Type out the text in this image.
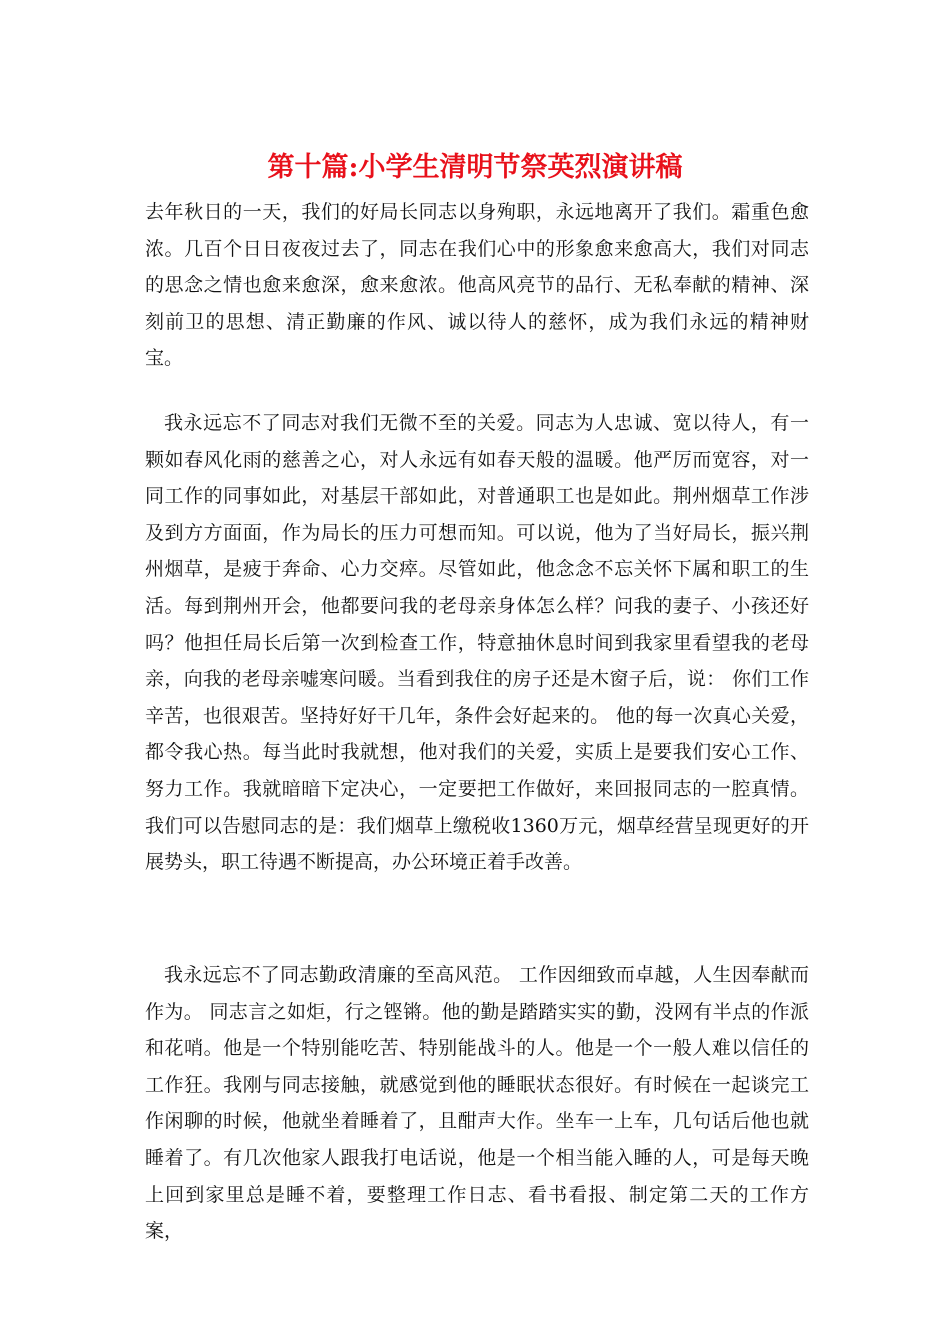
第十篇:小学生清明节祭英烈演讲稿

去年秋日的一天，我们的好局长同志以身殉职，永远地离开了我们。霜重色愈浓。几百个日日夜夜过去了，同志在我们心中的形象愈来愈高大，我们对同志的思念之情也愈来愈深，愈来愈浓。他高风亮节的品行、无私奉献的精神、深刻前卫的思想、清正勤廉的作风、诚以待人的慈怀，成为我们永远的精神财宝。

我永远忘不了同志对我们无微不至的关爱。同志为人忠诚、宽以待人，有一颗如春风化雨的慈善之心，对人永远有如春天般的温暖。他严厉而宽容，对一同工作的同事如此，对基层干部如此，对普通职工也是如此。荆州烟草工作涉及到方方面面，作为局长的压力可想而知。可以说，他为了当好局长，振兴荆州烟草，是疲于奔命、心力交瘁。尽管如此，他念念不忘关怀下属和职工的生活。每到荆州开会，他都要问我的老母亲身体怎么样？问我的妻子、小孩还好吗？他担任局长后第一次到检查工作，特意抽休息时间到我家里看望我的老母亲，向我的老母亲嘘寒问暖。当看到我住的房子还是木窗子后，说： 你们工作辛苦，也很艰苦。坚持好好干几年，条件会好起来的。 他的每一次真心关爱，都令我心热。每当此时我就想，他对我们的关爱，实质上是要我们安心工作、努力工作。我就暗暗下定决心，一定要把工作做好，来回报同志的一腔真情。我们可以告慰同志的是：我们烟草上缴税收1360万元，烟草经营呈现更好的开展势头，职工待遇不断提高，办公环境正着手改善。

我永远忘不了同志勤政清廉的至高风范。 工作因细致而卓越，人生因奉献而作为。 同志言之如炬，行之铿锵。他的勤是踏踏实实的勤，没网有半点的作派和花哨。他是一个特别能吃苦、特别能战斗的人。他是一个一般人难以信任的工作狂。我刚与同志接触，就感觉到他的睡眠状态很好。有时候在一起谈完工作闲聊的时候，他就坐着睡着了，且酣声大作。坐车一上车，几句话后他也就睡着了。有几次他家人跟我打电话说，他是一个相当能入睡的人，可是每天晚上回到家里总是睡不着，要整理工作日志、看书看报、制定第二天的工作方案，
